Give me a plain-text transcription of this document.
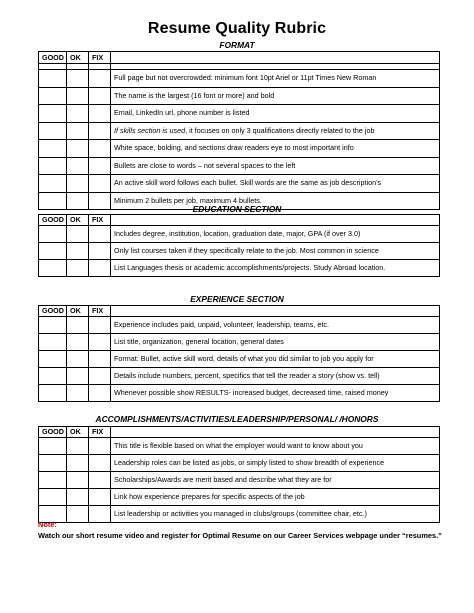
Resume Quality Rubric
FORMAT
GOOD	OK	FIX	

			Full page but not overcrowded: minimum font 10pt Ariel or 11pt Times New Roman
			The name is the largest (16 font or more) and bold
			Email, LinkedIn url, phone number is listed
			If skills section is used, it focuses on only 3 qualifications directly related to the job
			White space, bolding, and sections draw readers eye to most important info
			Bullets are close to words – not several spaces to the left
			An active skill word follows each bullet. Skill words are the same as job description’s
			Minimum 2 bullets per job, maximum 4 bullets.
EDUCATION SECTION
GOOD	OK	FIX	
			Includes degree, institution, location, graduation date, major, GPA (if over 3.0)
			Only list courses taken if they specifically relate to the job. Most common in science
			List Languages thesis or academic accomplishments/projects. Study Abroad location.
EXPERIENCE SECTION
GOOD	OK	FIX	
			Experience includes paid, unpaid, volunteer, leadership, teams, etc.
			List title, organization, general location, general dates
			Format: Bullet, active skill word, details of what you did similar to job you apply for
			Details include numbers, percent, specifics that tell the reader a story (show vs. tell)
			Whenever possible show RESULTS- increased budget, decreased time, raised money
ACCOMPLISHMENTS/ACTIVITIES/LEADERSHIP/PERSONAL/ /HONORS
GOOD	OK	FIX	
			This title is flexible based on what the employer would want to know about you
			Leadership roles can be listed as jobs, or simply listed to show breadth of experience
			Scholarships/Awards are merit based and describe what they are for
			Link how experience prepares for specific aspects of the job
			List leadership or activities you managed in clubs/groups (committee chair, etc.)
Note:
Watch our short resume video and register for Optimal Resume on our Career Services webpage under “resumes.”
